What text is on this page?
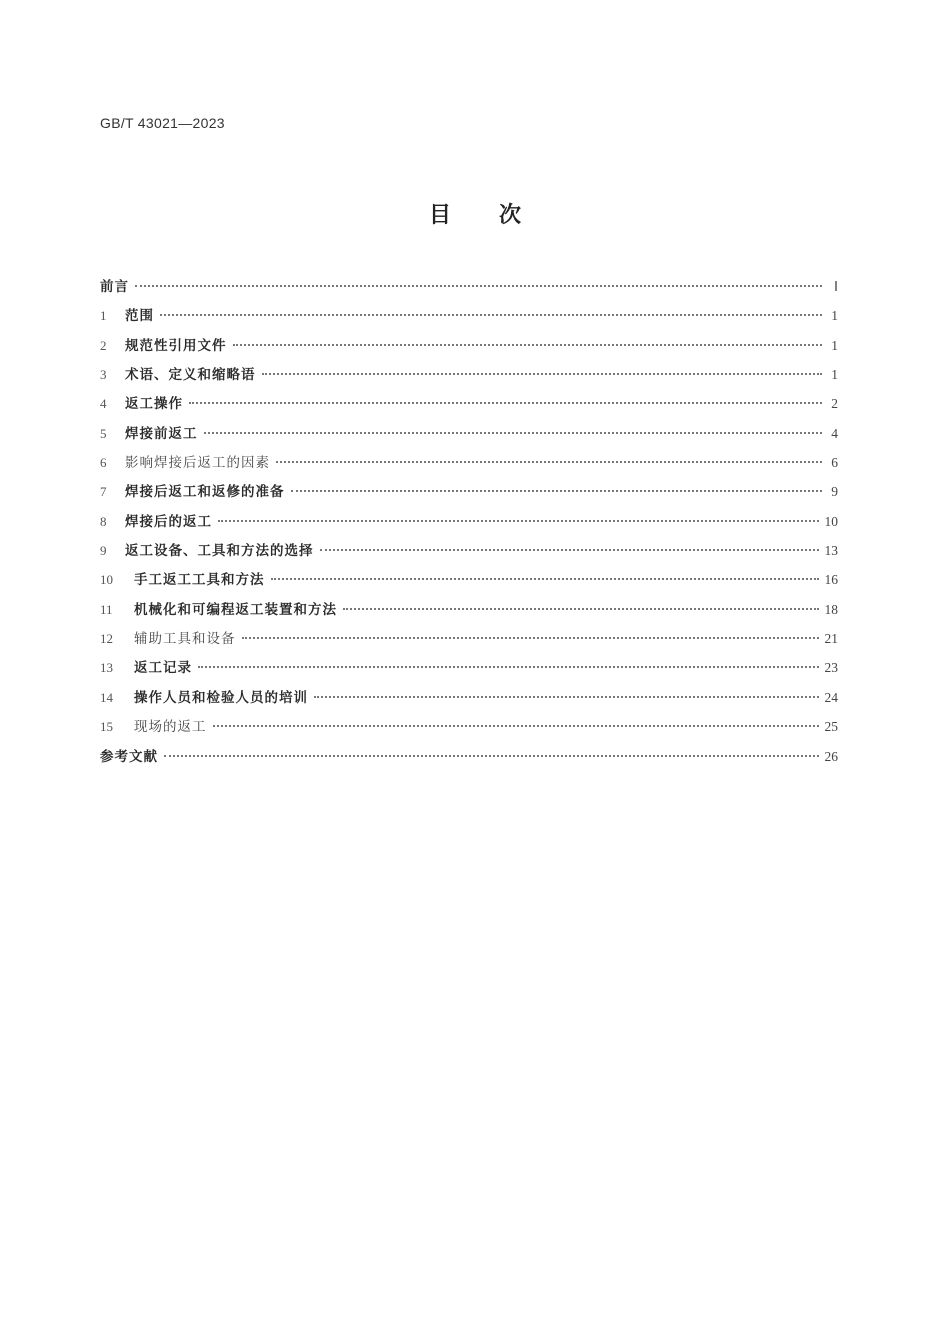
GB/T 43021—2023
目 次
前言	Ⅰ
1	范围	1
2	规范性引用文件	1
3	术语、定义和缩略语	1
4	返工操作	2
5	焊接前返工	4
6	影响焊接后返工的因素	6
7	焊接后返工和返修的准备	9
8	焊接后的返工	10
9	返工设备、工具和方法的选择	13
10	手工返工工具和方法	16
11	机械化和可编程返工装置和方法	18
12	辅助工具和设备	21
13	返工记录	23
14	操作人员和检验人员的培训	24
15	现场的返工	25
参考文献	26
